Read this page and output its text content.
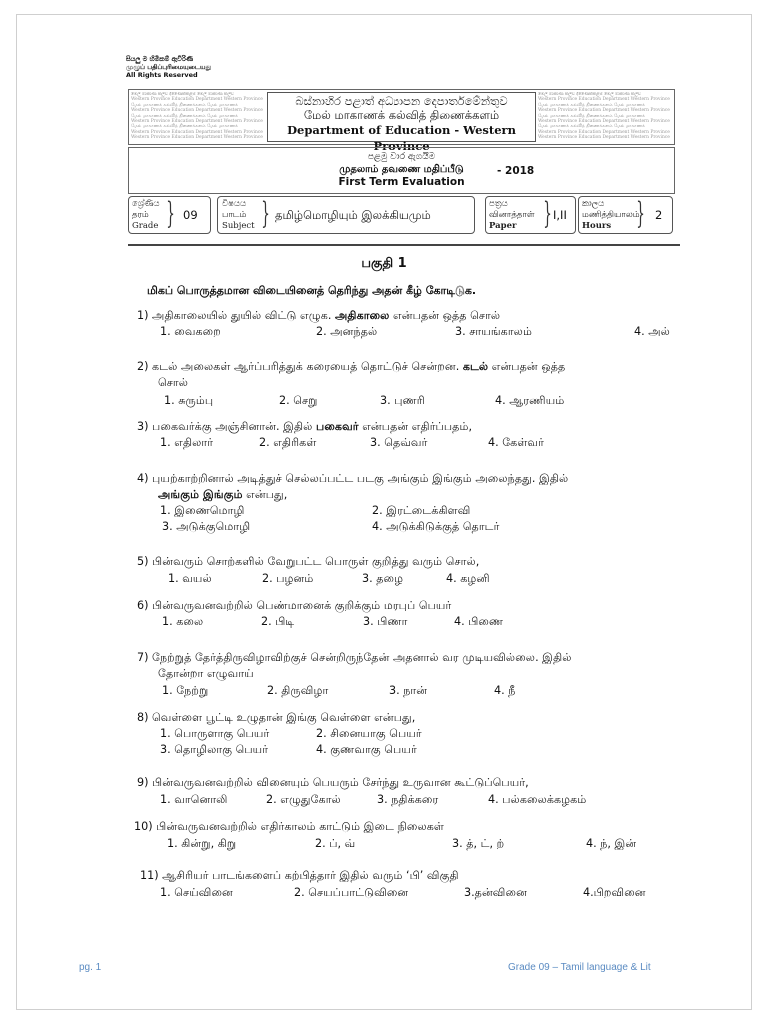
සියලු ම හිමිකම් ඇවිරිණි
முழுப் பதிப்புரிமையுடையது
All Rights Reserved
මේල් මාකාණ කල්වි දිණෛක්කළම් මේල් මාකාණ කල්වි
Western Province Education Department Western Province
மேல் மாகாணக் கல்வித் திணைக்களம் மேல் மாகாணக்
Western Province Education Department Western Province
மேல் மாகாணக் கல்வித் திணைக்களம் மேல் மாகாணக்
Western Province Education Department Western Province
மேல் மாகாணக் கல்வித் திணைக்களம் மேல் மாகாணக்
Western Province Education Department Western Province
Western Province Education Department Western Province
බස්නාහිර පළාත් අධ්‍යාපන දෙපාර්තමේන්තුව
மேல் மாகாணக் கல்வித் திணைக்களம்
Department of Education - Western Province
මේල් මාකාණ කල්වි දිණෛක්කළම් මේල් මාකාණ කල්වි
Western Province Education Department Western Province
மேல் மாகாணக் கல்வித் திணைக்களம் மேல் மாகாணக்
Western Province Education Department Western Province
மேல் மாகாணக் கல்வித் திணைக்களம் மேல் மாகாணக்
Western Province Education Department Western Province
மேல் மாகாணக் கல்வித் திணைக்களம் மேல் மாகாணக்
Western Province Education Department Western Province
Western Province Education Department Western Province
පළමු වාර ඇගයීම
முதலாம் தவணை மதிப்பீடு
First Term Evaluation
- 2018
ශ්‍රේණිය
தரம்
Grade } 09
විෂයය
பாடம்
Subject } தமிழ்மொழியும் இலக்கியமும்
පත්‍රය
வினாத்தாள்
Paper } I,II
කාලය
மணித்தியாலம்
Hours } 2
பகுதி 1
மிகப் பொருத்தமான விடையினைத் தெரிந்து அதன் கீழ் கோடிடுக.
1) அதிகாலையில் துயில் விட்டு எழுக. அதிகாலை என்பதன் ஒத்த சொல்
1. வைகறை	2. அனந்தல்	3. சாயங்காலம்	4. அல்
2) கடல் அலைகள் ஆர்ப்பரித்துக் கரையைத் தொட்டுச் சென்றன. கடல் என்பதன் ஒத்த
சொல்
1. சுரும்பு	2. செறு	3. புணரி	4. ஆரணியம்
3) பகைவர்க்கு அஞ்சினான். இதில் பகைவர் என்பதன் எதிர்ப்பதம்,
1. எதிலார்	2. எதிரிகள்	3. தெவ்வர்	4. கேள்வர்
4) புயற்காற்றினால் அடித்துச் செல்லப்பட்ட படகு அங்கும் இங்கும் அலைந்தது. இதில்
அங்கும் இங்கும் என்பது,
1. இணைமொழி	2. இரட்டைக்கிளவி
3. அடுக்குமொழி	4. அடுக்கிடுக்குத் தொடர்
5) பின்வரும் சொற்களில் வேறுபட்ட பொருள் குறித்து வரும் சொல்,
1. வயல்	2. பழனம்	3. தழை	4. கழனி
6) பின்வருவனவற்றில் பெண்மானைக் குறிக்கும் மரபுப் பெயர்
1. கலை	2. பிடி	3. பிணா	4. பிணை
7) நேற்றுத் தேர்த்திருவிழாவிற்குச் சென்றிருந்தேன் அதனால் வர முடியவில்லை. இதில்
தோன்றா எழுவாய்
1. நேற்று	2. திருவிழா	3. நான்	4. நீ
8) வெள்ளை பூட்டி உழுதான் இங்கு வெள்ளை என்பது,
1. பொருளாகு பெயர்	2. சினையாகு பெயர்
3. தொழிலாகு பெயர்	4. குணவாகு பெயர்
9) பின்வருவனவற்றில் வினையும் பெயரும் சேர்ந்து உருவான கூட்டுப்பெயர்,
1. வானொலி	2. எழுதுகோல்	3. நதிக்கரை	4. பல்கலைக்கழகம்
10) பின்வருவனவற்றில் எதிர்காலம் காட்டும் இடை நிலைகள்
1. கின்று, கிறு	2. ப், வ்	3. த், ட், ற்	4. ந், இன்
11) ஆசிரியர் பாடங்களைப் கற்பித்தார் இதில் வரும் ‘பி’ விகுதி
1. செய்வினை	2. செயப்பாட்டுவினை	3.தன்வினை	4.பிறவினை
pg. 1	Grade 09 – Tamil language & Lit
